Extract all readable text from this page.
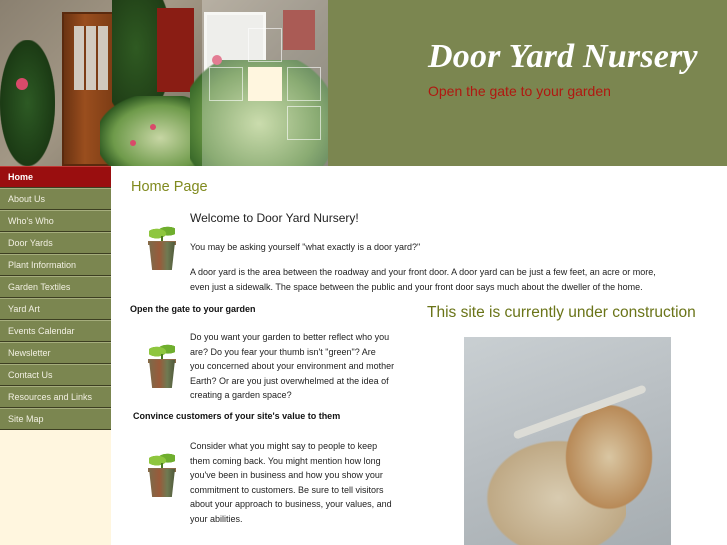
Door Yard Nursery
Open the gate to your garden
Home
About Us
Who's Who
Door Yards
Plant Information
Garden Textiles
Yard Art
Events Calendar
Newsletter
Contact Us
Resources and Links
Site Map
Home Page
Welcome to Door Yard Nursery!
You may be asking yourself "what exactly is a door yard?"
A door yard is the area between the roadway and your front door. A door yard can be just a few feet, an acre or more,
even just a sidewalk. The space between the public and your front door says much about the dweller of the home.
Open the gate to your garden
Do you want your garden to better reflect who you
are? Do you fear your thumb isn't "green"? Are
you concerned about your environment and mother
Earth? Or are you just overwhelmed at the idea of
creating a garden space?
Convince customers of your site's value to them
Consider what you might say to people to keep
them coming back. You might mention how long
you've been in business and how you show your
commitment to customers. Be sure to tell visitors
about your approach to business, your values, and
your abilities.
This site is currently under construction
